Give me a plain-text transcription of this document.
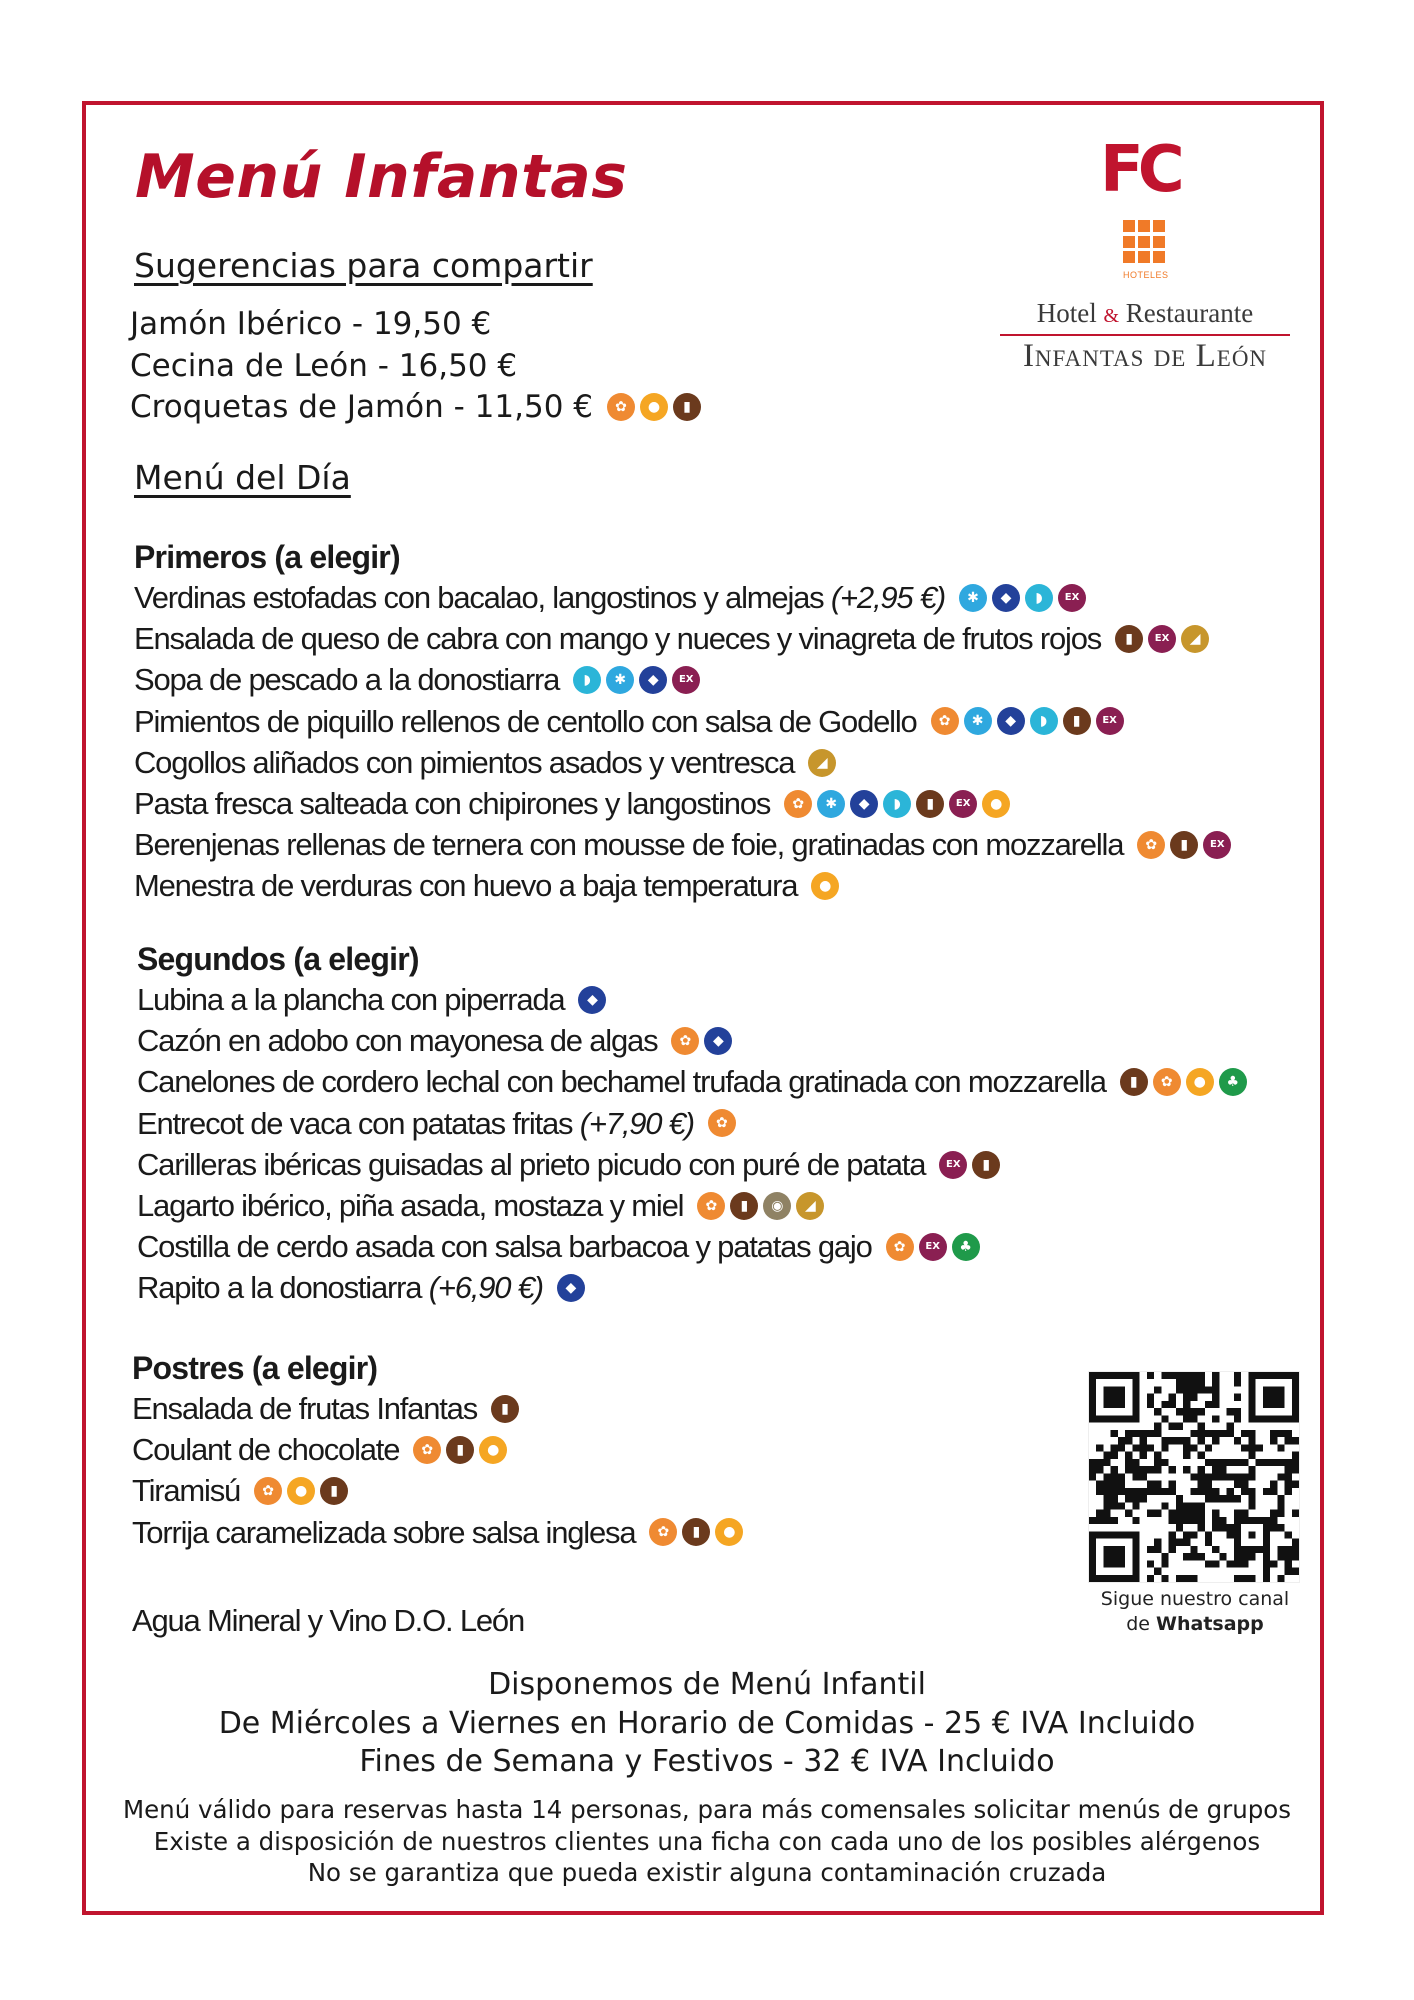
Menú Infantas	FC
HOTELES
Hotel & Restaurante
Infantas de León
Sugerencias para compartir
Jamón Ibérico - 19,50 €
Cecina de León - 16,50 €
Croquetas de Jamón - 11,50 € ✿ ● ▮
Menú del Día
Primeros (a elegir)
Verdinas estofadas con bacalao, langostinos y almejas (+2,95 €) ✱ ◆ ◗ EX
Ensalada de queso de cabra con mango y nueces y vinagreta de frutos rojos ▮ EX ◢
Sopa de pescado a la donostiarra ◗ ✱ ◆ EX
Pimientos de piquillo rellenos de centollo con salsa de Godello ✿ ✱ ◆ ◗ ▮ EX
Cogollos aliñados con pimientos asados y ventresca ◢
Pasta fresca salteada con chipirones y langostinos ✿ ✱ ◆ ◗ ▮ EX ●
Berenjenas rellenas de ternera con mousse de foie, gratinadas con mozzarella ✿ ▮ EX
Menestra de verduras con huevo a baja temperatura ●
Segundos (a elegir)
Lubina a la plancha con piperrada ◆
Cazón en adobo con mayonesa de algas ✿ ◆
Canelones de cordero lechal con bechamel trufada gratinada con mozzarella ▮ ✿ ● ♣
Entrecot de vaca con patatas fritas (+7,90 €) ✿
Carilleras ibéricas guisadas al prieto picudo con puré de patata EX ▮
Lagarto ibérico, piña asada, mostaza y miel ✿ ▮ ◉ ◢
Costilla de cerdo asada con salsa barbacoa y patatas gajo ✿ EX ♣
Rapito a la donostiarra (+6,90 €) ◆
Postres (a elegir)
Ensalada de frutas Infantas ▮
Coulant de chocolate ✿ ▮ ●
Tiramisú ✿ ● ▮
Torrija caramelizada sobre salsa inglesa ✿ ▮ ●
Sigue nuestro canal
de Whatsapp
Agua Mineral y Vino D.O. León
Disponemos de Menú Infantil
De Miércoles a Viernes en Horario de Comidas - 25 € IVA Incluido
Fines de Semana y Festivos - 32 € IVA Incluido
Menú válido para reservas hasta 14 personas, para más comensales solicitar menús de grupos
Existe a disposición de nuestros clientes una ficha con cada uno de los posibles alérgenos
No se garantiza que pueda existir alguna contaminación cruzada
